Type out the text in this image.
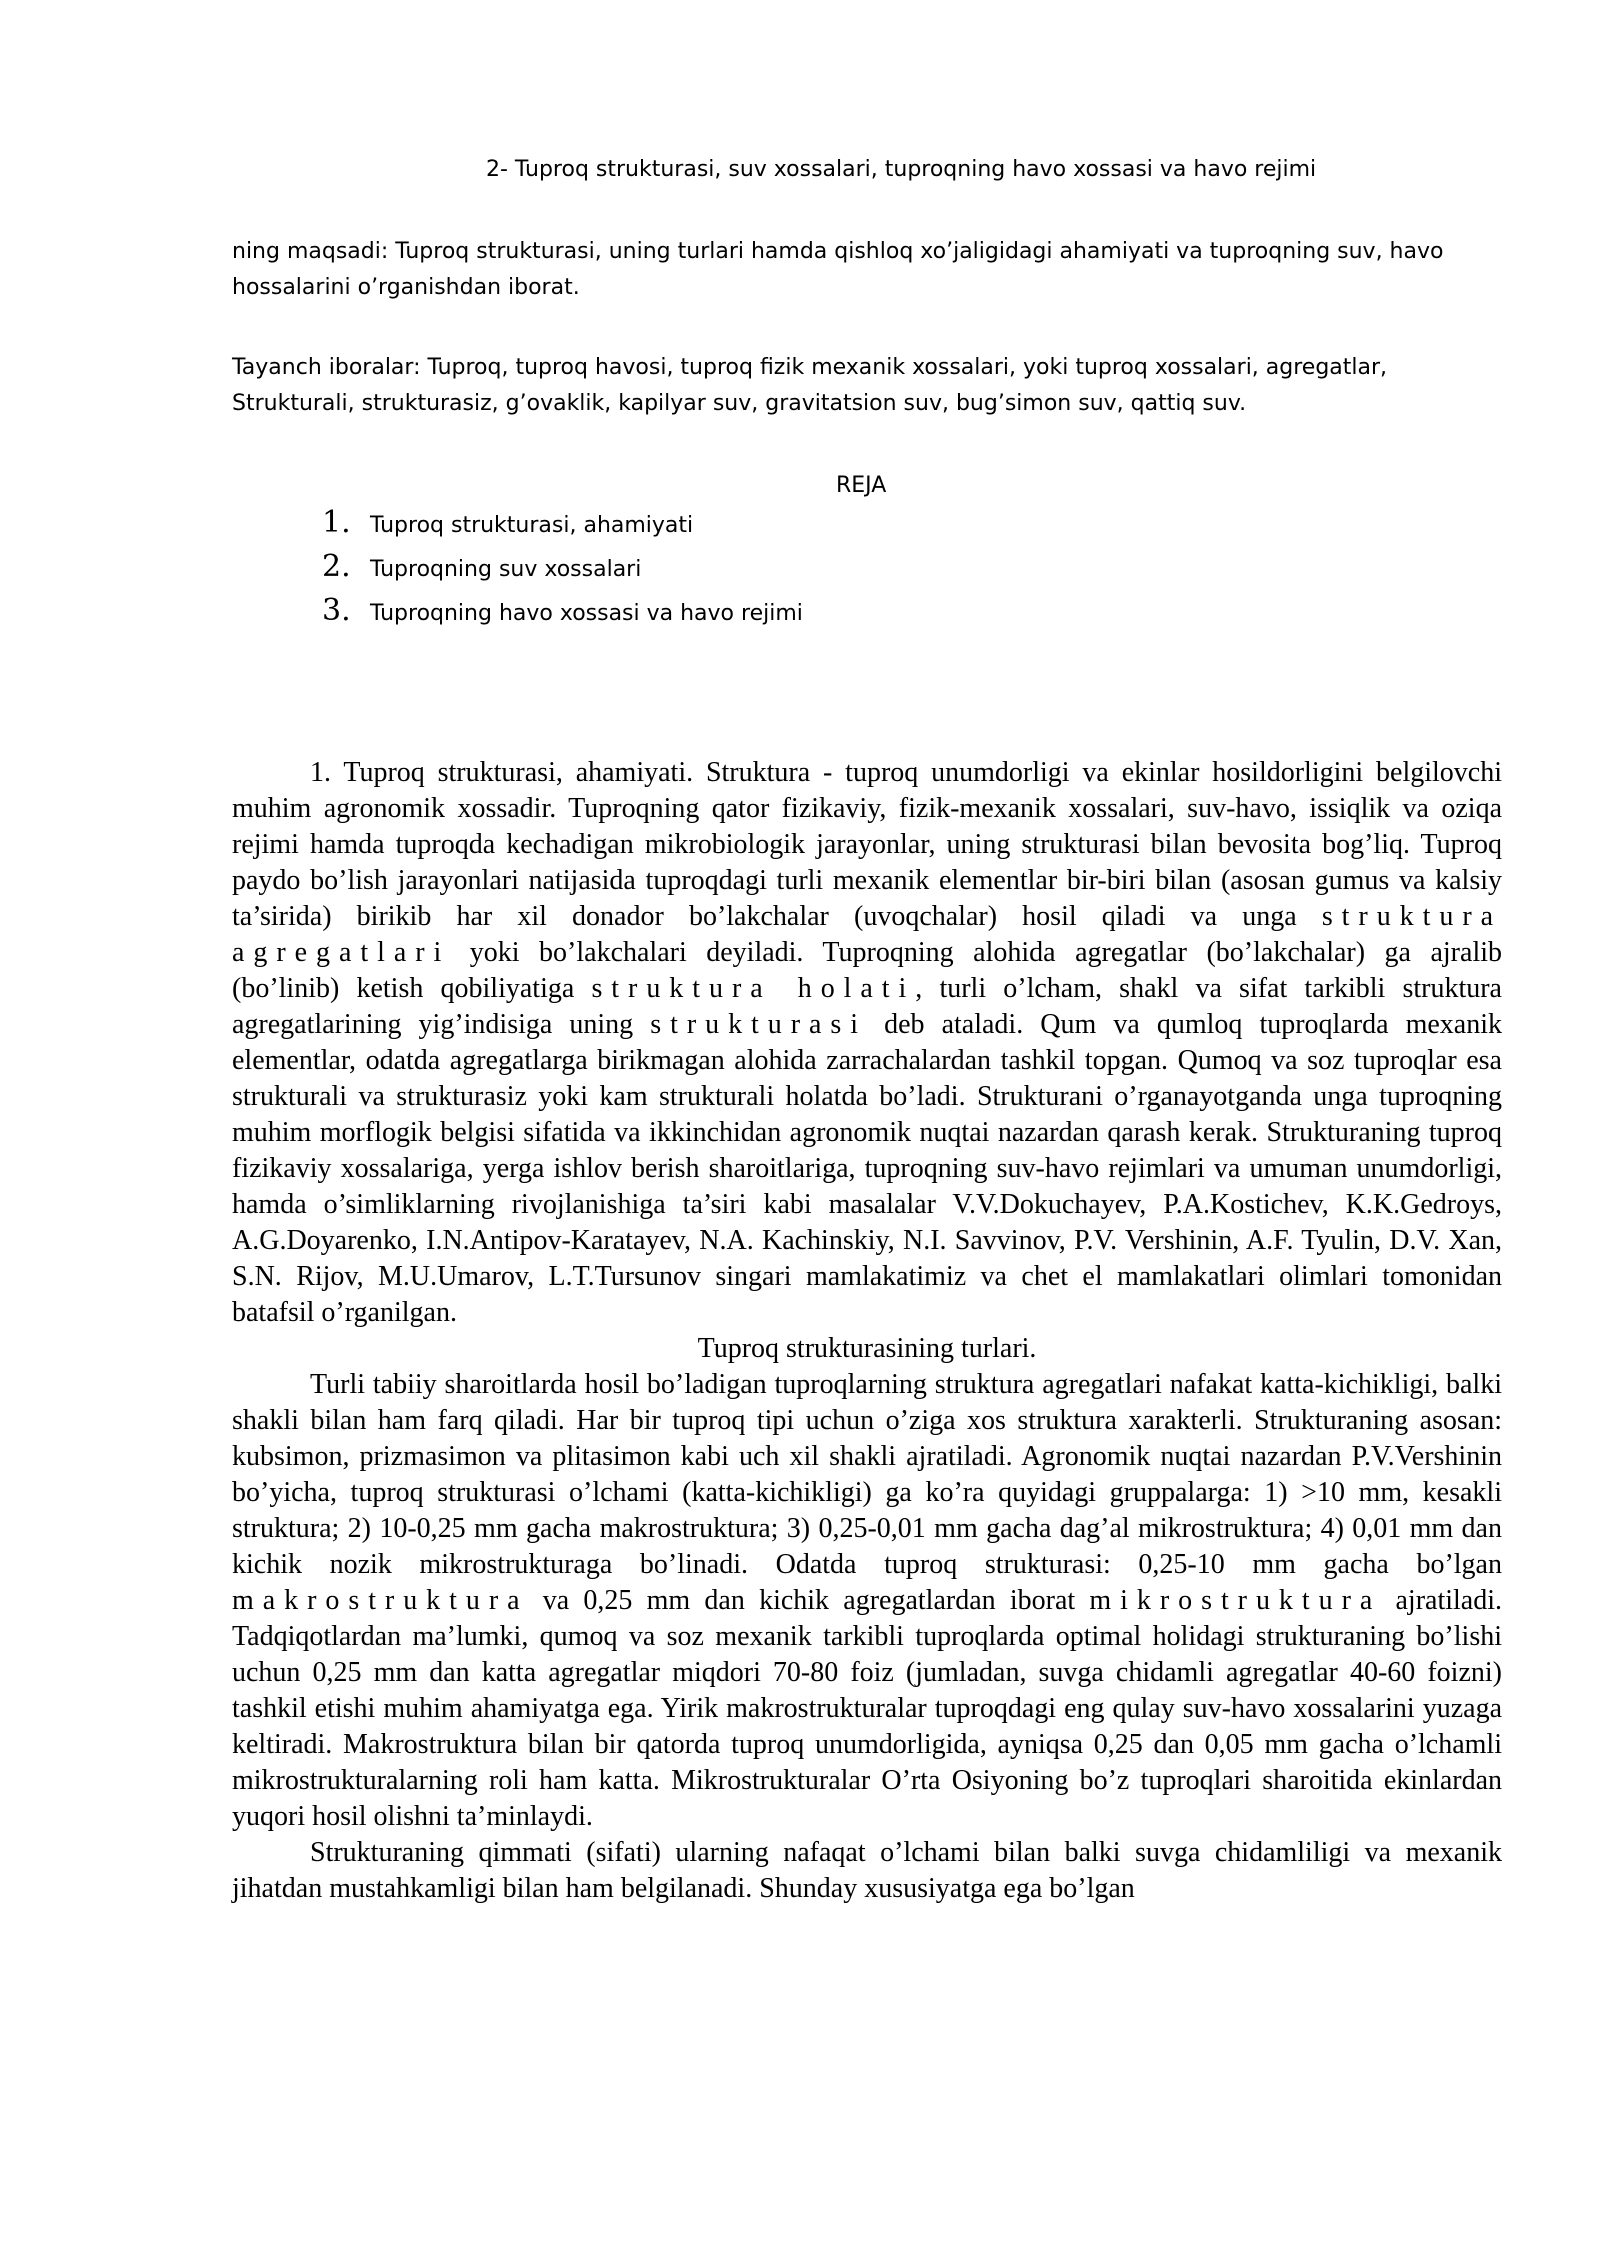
2- Tuproq strukturasi, suv xossalari, tuproqning havo xossasi va havo rejimi
ning maqsadi: Tuproq strukturasi, uning turlari hamda qishloq xo’jaligidagi ahamiyati va tuproqning suv, havo hossalarini o’rganishdan iborat.
Tayanch iboralar: Tuproq, tuproq havosi, tuproq fizik mexanik xossalari, yoki tuproq xossalari, agregatlar, Strukturali, strukturasiz, g’ovaklik, kapilyar suv, gravitatsion suv, bug’simon suv, qattiq suv.
REJA
1. Tuproq strukturasi, ahamiyati
2. Tuproqning suv xossalari
3. Tuproqning havo xossasi va havo rejimi

1. Tuproq strukturasi, ahamiyati. Struktura - tuproq unumdorligi va ekinlar hosildorligini belgilovchi muhim agronomik xossadir. Tuproqning qator fizikaviy, fizik-mexanik xossalari, suv-havo, issiqlik va oziqa rejimi hamda tuproqda kechadigan mikrobiologik jarayonlar, uning strukturasi bilan bevosita bog’liq. Tuproq paydo bo’lish jarayonlari natijasida tuproqdagi turli mexanik elementlar bir-biri bilan (asosan gumus va kalsiy ta’sirida) birikib har xil donador bo’lakchalar (uvoqchalar) hosil qiladi va unga struktura agregatlari yoki bo’lakchalari deyiladi. Tuproqning alohida agregatlar (bo’lakchalar) ga ajralib (bo’linib) ketish qobiliyatiga struktura holati, turli o’lcham, shakl va sifat tarkibli struktura agregatlarining yig’indisiga uning strukturasi deb ataladi. Qum va qumloq tuproqlarda mexanik elementlar, odatda agregatlarga birikmagan alohida zarrachalardan tashkil topgan. Qumoq va soz tuproqlar esa strukturali va strukturasiz yoki kam strukturali holatda bo’ladi. Strukturani o’rganayotganda unga tuproqning muhim morflogik belgisi sifatida va ikkinchidan agronomik nuqtai nazardan qarash kerak. Strukturaning tuproq fizikaviy xossalariga, yerga ishlov berish sharoitlariga, tuproqning suv-havo rejimlari va umuman unumdorligi, hamda o’simliklarning rivojlanishiga ta’siri kabi masalalar V.V.Dokuchayev, P.A.Kostichev, K.K.Gedroys, A.G.Doyarenko, I.N.Antipov-Karatayev, N.A. Kachinskiy, N.I. Savvinov, P.V. Vershinin, A.F. Tyulin, D.V. Xan, S.N. Rijov, M.U.Umarov, L.T.Tursunov singari mamlakatimiz va chet el mamlakatlari olimlari tomonidan batafsil o’rganilgan.

Tuproq strukturasining turlari.

Turli tabiiy sharoitlarda hosil bo’ladigan tuproqlarning struktura agregatlari nafakat katta-kichikligi, balki shakli bilan ham farq qiladi. Har bir tuproq tipi uchun o’ziga xos struktura xarakterli. Strukturaning asosan: kubsimon, prizmasimon va plitasimon kabi uch xil shakli ajratiladi. Agronomik nuqtai nazardan P.V.Vershinin bo’yicha, tuproq strukturasi o’lchami (katta-kichikligi) ga ko’ra quyidagi gruppalarga: 1) >10 mm, kesakli struktura; 2) 10-0,25 mm gacha makrostruktura; 3) 0,25-0,01 mm gacha dag’al mikrostruktura; 4) 0,01 mm dan kichik nozik mikrostrukturaga bo’linadi. Odatda tuproq strukturasi: 0,25-10 mm gacha bo’lgan makrostruktura va 0,25 mm dan kichik agregatlardan iborat mikrostruktura ajratiladi. Tadqiqotlardan ma’lumki, qumoq va soz mexanik tarkibli tuproqlarda optimal holidagi strukturaning bo’lishi uchun 0,25 mm dan katta agregatlar miqdori 70-80 foiz (jumladan, suvga chidamli agregatlar 40-60 foizni) tashkil etishi muhim ahamiyatga ega. Yirik makrostrukturalar tuproqdagi eng qulay suv-havo xossalarini yuzaga keltiradi. Makrostruktura bilan bir qatorda tuproq unumdorligida, ayniqsa 0,25 dan 0,05 mm gacha o’lchamli mikrostrukturalarning roli ham katta. Mikrostrukturalar O’rta Osiyoning bo’z tuproqlari sharoitida ekinlardan yuqori hosil olishni ta’minlaydi.

Strukturaning qimmati (sifati) ularning nafaqat o’lchami bilan balki suvga chidamliligi va mexanik jihatdan mustahkamligi bilan ham belgilanadi. Shunday xususiyatga ega bo’lgan
